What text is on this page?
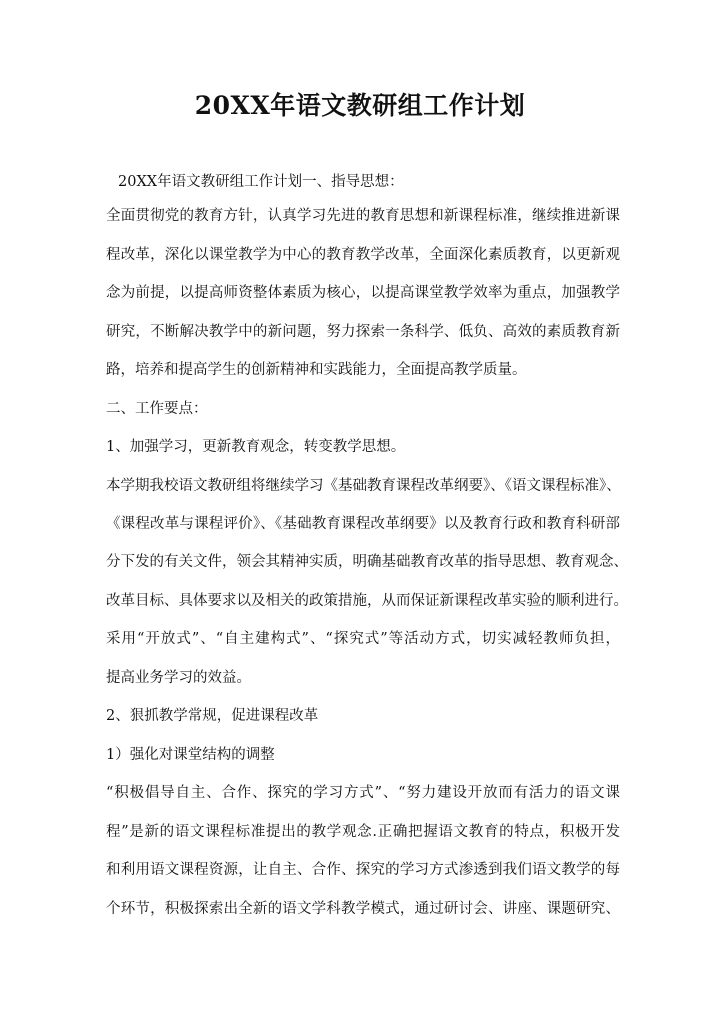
20XX年语文教研组工作计划
20XX年语文教研组工作计划一、指导思想：
全面贯彻党的教育方针，认真学习先进的教育思想和新课程标准，继续推进新课
程改革，深化以课堂教学为中心的教育教学改革，全面深化素质教育，以更新观
念为前提，以提高师资整体素质为核心，以提高课堂教学效率为重点，加强教学
研究，不断解决教学中的新问题，努力探索一条科学、低负、高效的素质教育新
路，培养和提高学生的创新精神和实践能力，全面提高教学质量。
二、工作要点：
1、加强学习，更新教育观念，转变教学思想。
本学期我校语文教研组将继续学习《基础教育课程改革纲要》、《语文课程标准》、
《课程改革与课程评价》、《基础教育课程改革纲要》以及教育行政和教育科研部
分下发的有关文件，领会其精神实质，明确基础教育改革的指导思想、教育观念、
改革目标、具体要求以及相关的政策措施，从而保证新课程改革实验的顺利进行。
采用“开放式”、“自主建构式”、“探究式”等活动方式，切实减轻教师负担，
提高业务学习的效益。
2、狠抓教学常规，促进课程改革
1）强化对课堂结构的调整
“积极倡导自主、合作、探究的学习方式”、“努力建设开放而有活力的语文课
程”是新的语文课程标准提出的教学观念.正确把握语文教育的特点，积极开发
和利用语文课程资源，让自主、合作、探究的学习方式渗透到我们语文教学的每
个环节，积极探索出全新的语文学科教学模式，通过研讨会、讲座、课题研究、
